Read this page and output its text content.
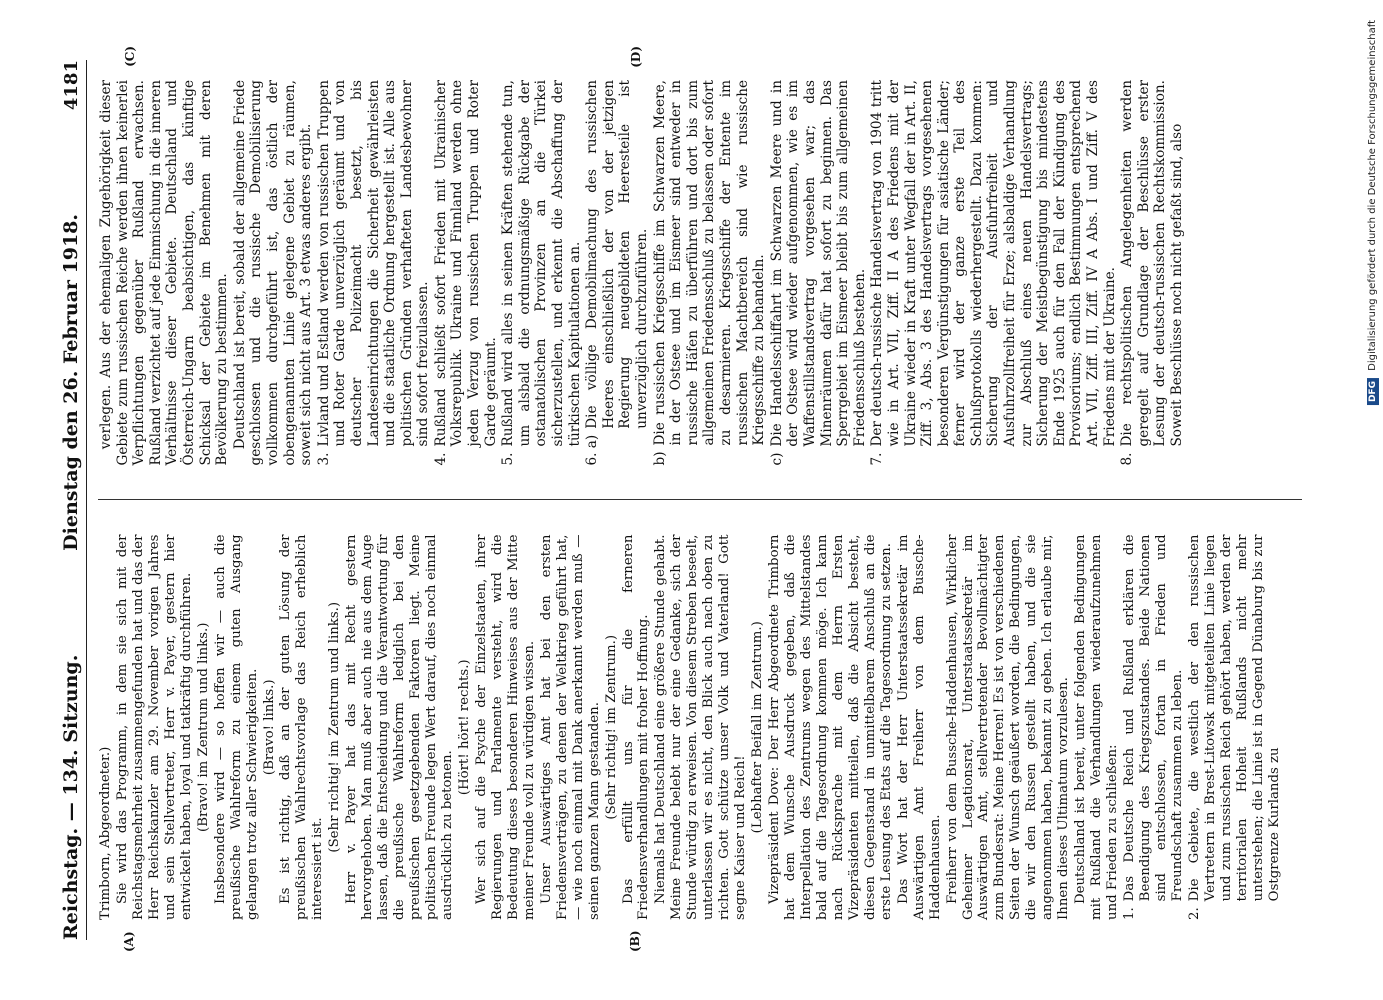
Reichstag. — 134. Sitzung.
Dienstag den 26. Februar 1918.
4181
(A)	(B)

Trimborn, Abgeordneter.) Sie wird das Programm, in dem sie sich mit der Reichstagsmehrheit zusammengefunden hat und das der Herr Reichskanzler am 29. November vorigen Jahres und sein Stellvertreter, Herr v. Payer, gestern hier entwickelt haben, loyal und tatkräftig durchführen. (Bravo! im Zentrum und links.) Insbesondere wird — so hoffen wir — auch die preußische Wahlreform zu einem guten Ausgang gelangen trotz aller Schwierigkeiten. (Bravo! links.) Es ist richtig, daß an der guten Lösung der preußischen Wahlrechtsvorlage das Reich erheblich interessiert ist.

(Sehr richtig! im Zentrum und links.) Herr v. Payer hat das mit Recht gestern hervorgehoben. Man muß aber auch nie aus dem Auge lassen, daß die Entscheidung und die Verantwortung für die preußische Wahlreform lediglich bei den preußischen gesetzgebenden Faktoren liegt. Meine politischen Freunde legen Wert darauf, dies noch einmal ausdrücklich zu betonen.

(Hört! hört! rechts.) Wer sich auf die Psyche der Einzelstaaten, ihrer Regierungen und Parlamente versteht, wird die Bedeutung dieses besonderen Hinweises aus der Mitte meiner Freunde voll zu würdigen wissen. Unser Auswärtiges Amt hat bei den ersten Friedensverträgen, zu denen der Weltkrieg geführt hat, — wie noch einmal mit Dank anerkannt werden muß — seinen ganzen Mann gestanden. (Sehr richtig! im Zentrum.) Das erfüllt uns für die ferneren Friedensverhandlungen mit froher Hoffnung. Niemals hat Deutschland eine größere Stunde gehabt. Meine Freunde belebt nur der eine Gedanke, sich der Stunde würdig zu erweisen. Von diesem Streben beseelt, unterlassen wir es nicht, den Blick auch nach oben zu richten. Gott schütze unser Volk und Vaterland! Gott segne Kaiser und Reich!

(Lebhafter Beifall im Zentrum.) Vizepräsident Dove: Der Herr Abgeordnete Trimborn hat dem Wunsche Ausdruck gegeben, daß die Interpellation des Zentrums wegen des Mittelstandes bald auf die Tagesordnung kommen möge. Ich kann nach Rücksprache mit dem Herrn Ersten Vizepräsidenten mitteilen, daß die Absicht besteht, diesen Gegenstand in unmittelbarem Anschluß an die erste Lesung des Etats auf die Tagesordnung zu setzen. Das Wort hat der Herr Unterstaatssekretär im Auswärtigen Amt Freiherr von dem Bussche-Haddenhausen. Freiherr von dem Bussche-Haddenhausen, Wirklicher Geheimer Legationsrat, Unterstaatssekretär im Auswärtigen Amt, stellvertretender Bevollmächtigter zum Bundesrat: Meine Herren! Es ist von verschiedenen Seiten der Wunsch geäußert worden, die Bedingungen, die wir den Russen gestellt haben, und die sie angenommen haben, bekannt zu geben. Ich erlaube mir, Ihnen dieses Ultimatum vorzulesen. Deutschland ist bereit, unter folgenden Bedingungen mit Rußland die Verhandlungen wiederaufzunehmen und Frieden zu schließen: 1.
Das Deutsche Reich und Rußland erklären die Beendigung des Kriegszustandes. Beide Nationen sind entschlossen, fortan in Frieden und Freundschaft zusammen zu leben.
2.
Die Gebiete, die westlich der den russischen Vertretern in Brest-Litowsk mitgeteilten Linie liegen und zum russischen Reich gehört haben, werden der territorialen Hoheit Rußlands nicht mehr unterstehen; die Linie ist in Gegend Dünaburg bis zur Ostgrenze Kurlands zu
(C)	(D)

verlegen. Aus der ehemaligen Zugehörigkeit dieser Gebiete zum russischen Reiche werden ihnen keinerlei Verpflichtungen gegenüber Rußland erwachsen. Rußland verzichtet auf jede Einmischung in die inneren Verhältnisse dieser Gebiete. Deutschland und Österreich-Ungarn beabsichtigen, das künftige Schicksal der Gebiete im Benehmen mit deren Bevölkerung zu bestimmen. Deutschland ist bereit, sobald der allgemeine Friede geschlossen und die russische Demobilisierung vollkommen durchgeführt ist, das östlich der obengenannten Linie gelegene Gebiet zu räumen, soweit sich nicht aus Art. 3 etwas anderes ergibt. 3.
Livland und Estland werden von russischen Truppen und Roter Garde unverzüglich geräumt und von deutscher Polizeimacht besetzt, bis Landeseinrichtungen die Sicherheit gewährleisten und die staatliche Ordnung hergestellt ist. Alle aus politischen Gründen verhafteten Landesbewohner sind sofort freizulassen.
4.
Rußland schließt sofort Frieden mit Ukrainischer Volksrepublik. Ukraine und Finnland werden ohne jeden Verzug von russischen Truppen und Roter Garde geräumt.
5.
Rußland wird alles in seinen Kräften stehende tun, um alsbald die ordnungsmäßige Rückgabe der ostanatolischen Provinzen an die Türkei sicherzustellen, und erkennt die Abschaffung der türkischen Kapitulationen an.
6. a)
Die völlige Demobilmachung des russischen Heeres einschließlich der von der jetzigen Regierung neugebildeten Heeresteile ist unverzüglich durchzuführen.
b)
Die russischen Kriegsschiffe im Schwarzen Meere, in der Ostsee und im Eismeer sind entweder in russische Häfen zu überführen und dort bis zum allgemeinen Friedensschluß zu belassen oder sofort zu desarmieren. Kriegsschiffe der Entente im russischen Machtbereich sind wie russische Kriegsschiffe zu behandeln.
c)
Die Handelsschiffahrt im Schwarzen Meere und in der Ostsee wird wieder aufgenommen, wie es im Waffenstillstandsvertrag vorgesehen war; das Minenräumen dafür hat sofort zu beginnen. Das Sperrgebiet im Eismeer bleibt bis zum allgemeinen Friedensschluß bestehen.
7.
Der deutsch-russische Handelsvertrag von 1904 tritt wie in Art. VII, Ziff. II A des Friedens mit der Ukraine wieder in Kraft unter Wegfall der in Art. II, Ziff. 3, Abs. 3 des Handelsvertrags vorgesehenen besonderen Vergünstigungen für asiatische Länder; ferner wird der ganze erste Teil des Schlußprotokolls wiederhergestellt. Dazu kommen: Sicherung der Ausfuhrfreiheit und Ausfuhrzollfreiheit für Erze; alsbaldige Verhandlung zur Abschluß eines neuen Handelsvertrags; Sicherung der Meistbegünstigung bis mindestens Ende 1925 auch für den Fall der Kündigung des Provisoriums; endlich Bestimmungen entsprechend Art. VII, Ziff. III, Ziff. IV A Abs. I und Ziff. V des Friedens mit der Ukraine.
8.
Die rechtspolitischen Angelegenheiten werden geregelt auf Grundlage der Beschlüsse erster Lesung der deutsch-russischen Rechtskommission. Soweit Beschlüsse noch nicht gefaßt sind, also	DFG Digitalisierung gefördert durch die Deutsche Forschungsgemeinschaft
